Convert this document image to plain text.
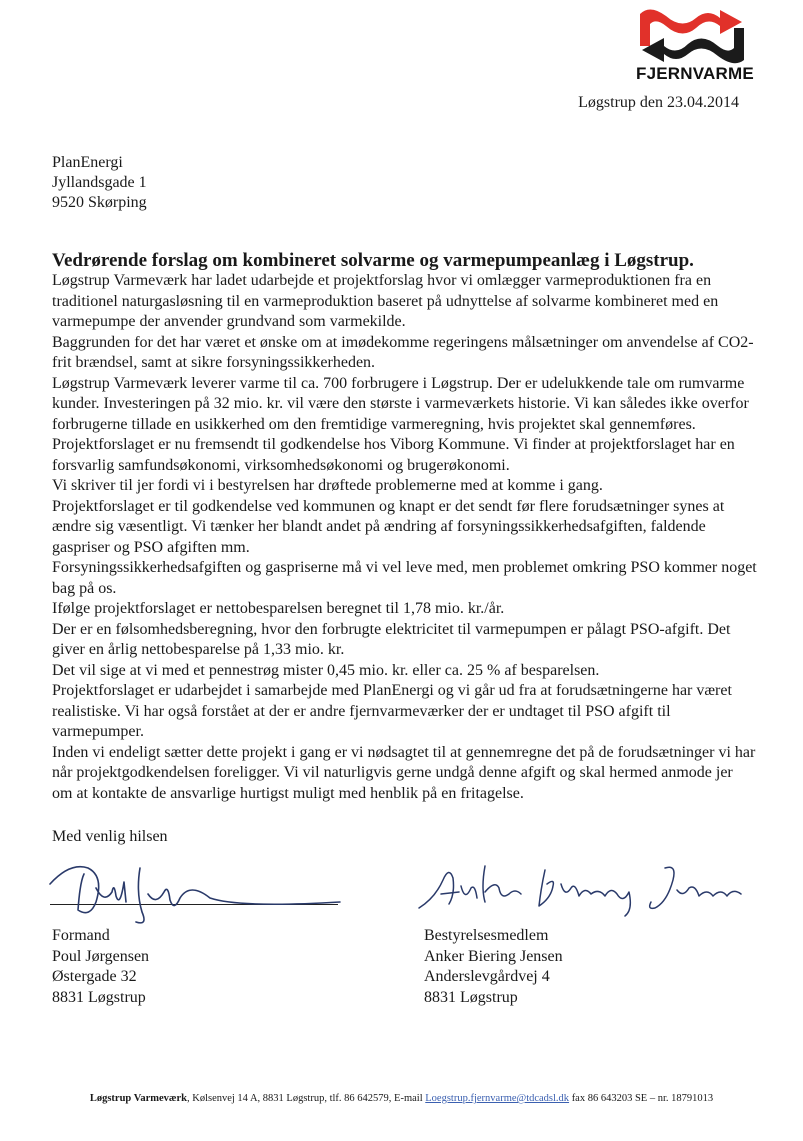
FJERNVARME
Løgstrup den 23.04.2014
PlanEnergi
Jyllandsgade 1
9520 Skørping
Vedrørende forslag om kombineret solvarme og varmepumpeanlæg i Løgstrup.

Løgstrup Varmeværk har ladet udarbejde et projektforslag hvor vi omlægger varmeproduktionen fra en traditionel naturgasløsning til en varmeproduktion baseret på udnyttelse af solvarme kombineret med en varmepumpe der anvender grundvand som varmekilde.

Baggrunden for det har været et ønske om at imødekomme regeringens målsætninger om anvendelse af CO2-frit brændsel, samt at sikre forsyningssikkerheden.

Løgstrup Varmeværk leverer varme til ca. 700 forbrugere i Løgstrup. Der er udelukkende tale om rumvarme kunder. Investeringen på 32 mio. kr. vil være den største i varmeværkets historie. Vi kan således ikke overfor forbrugerne tillade en usikkerhed om den fremtidige varmeregning, hvis projektet skal gennemføres.

Projektforslaget er nu fremsendt til godkendelse hos Viborg Kommune. Vi finder at projektforslaget har en forsvarlig samfundsøkonomi, virksomhedsøkonomi og brugerøkonomi.

Vi skriver til jer fordi vi i bestyrelsen har drøftede problemerne med at komme i gang.

Projektforslaget er til godkendelse ved kommunen og knapt er det sendt før flere forudsætninger synes at ændre sig væsentligt. Vi tænker her blandt andet på ændring af forsyningssikkerhedsafgiften, faldende gaspriser og PSO afgiften mm.

Forsyningssikkerhedsafgiften og gaspriserne må vi vel leve med, men problemet omkring PSO kommer noget bag på os.

Ifølge projektforslaget er nettobesparelsen beregnet til 1,78 mio. kr./år.

Der er en følsomhedsberegning, hvor den forbrugte elektricitet til varmepumpen er pålagt PSO-afgift. Det giver en årlig nettobesparelse på 1,33 mio. kr.

Det vil sige at vi med et pennestrøg mister 0,45 mio. kr. eller ca. 25 % af besparelsen.

Projektforslaget er udarbejdet i samarbejde med PlanEnergi og vi går ud fra at forudsætningerne har været realistiske. Vi har også forstået at der er andre fjernvarmeværker der er undtaget til PSO afgift til varmepumper.

Inden vi endeligt sætter dette projekt i gang er vi nødsagtet til at gennemregne det på de forudsætninger vi har når projektgodkendelsen foreligger. Vi vil naturligvis gerne undgå denne afgift og skal hermed anmode jer om at kontakte de ansvarlige hurtigst muligt med henblik på en fritagelse.

Med venlig hilsen
Formand
Poul Jørgensen
Østergade 32
8831 Løgstrup
Bestyrelsesmedlem
Anker Biering Jensen
Anderslevgårdvej 4
8831 Løgstrup
Løgstrup Varmeværk, Kølsenvej 14 A, 8831 Løgstrup, tlf. 86 642579, E-mail Loegstrup.fjernvarme@tdcadsl.dk fax 86 643203 SE – nr. 18791013
